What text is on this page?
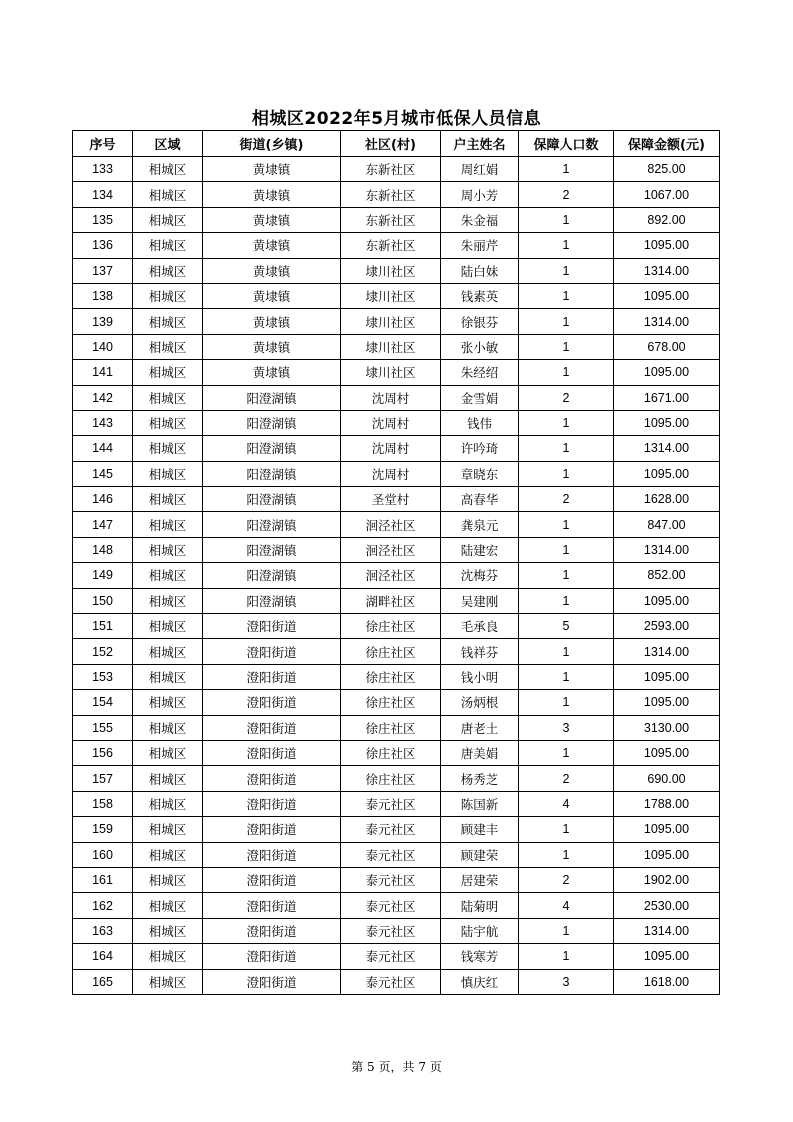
相城区2022年5月城市低保人员信息
序号	区域	街道(乡镇)	社区(村)	户主姓名	保障人口数	保障金额(元)
133	相城区	黄埭镇	东新社区	周红娟	1	825.00
134	相城区	黄埭镇	东新社区	周小芳	2	1067.00
135	相城区	黄埭镇	东新社区	朱金福	1	892.00
136	相城区	黄埭镇	东新社区	朱丽芹	1	1095.00
137	相城区	黄埭镇	埭川社区	陆白妹	1	1314.00
138	相城区	黄埭镇	埭川社区	钱素英	1	1095.00
139	相城区	黄埭镇	埭川社区	徐银芬	1	1314.00
140	相城区	黄埭镇	埭川社区	张小敏	1	678.00
141	相城区	黄埭镇	埭川社区	朱经绍	1	1095.00
142	相城区	阳澄湖镇	沈周村	金雪娟	2	1671.00
143	相城区	阳澄湖镇	沈周村	钱伟	1	1095.00
144	相城区	阳澄湖镇	沈周村	许吟琦	1	1314.00
145	相城区	阳澄湖镇	沈周村	章晓东	1	1095.00
146	相城区	阳澄湖镇	圣堂村	高春华	2	1628.00
147	相城区	阳澄湖镇	洄泾社区	龚泉元	1	847.00
148	相城区	阳澄湖镇	洄泾社区	陆建宏	1	1314.00
149	相城区	阳澄湖镇	洄泾社区	沈梅芬	1	852.00
150	相城区	阳澄湖镇	湖畔社区	吴建刚	1	1095.00
151	相城区	澄阳街道	徐庄社区	毛承良	5	2593.00
152	相城区	澄阳街道	徐庄社区	钱祥芬	1	1314.00
153	相城区	澄阳街道	徐庄社区	钱小明	1	1095.00
154	相城区	澄阳街道	徐庄社区	汤炳根	1	1095.00
155	相城区	澄阳街道	徐庄社区	唐老土	3	3130.00
156	相城区	澄阳街道	徐庄社区	唐美娟	1	1095.00
157	相城区	澄阳街道	徐庄社区	杨秀芝	2	690.00
158	相城区	澄阳街道	泰元社区	陈国新	4	1788.00
159	相城区	澄阳街道	泰元社区	顾建丰	1	1095.00
160	相城区	澄阳街道	泰元社区	顾建荣	1	1095.00
161	相城区	澄阳街道	泰元社区	居建荣	2	1902.00
162	相城区	澄阳街道	泰元社区	陆菊明	4	2530.00
163	相城区	澄阳街道	泰元社区	陆宇航	1	1314.00
164	相城区	澄阳街道	泰元社区	钱寒芳	1	1095.00
165	相城区	澄阳街道	泰元社区	慎庆红	3	1618.00
第 5 页，共 7 页
